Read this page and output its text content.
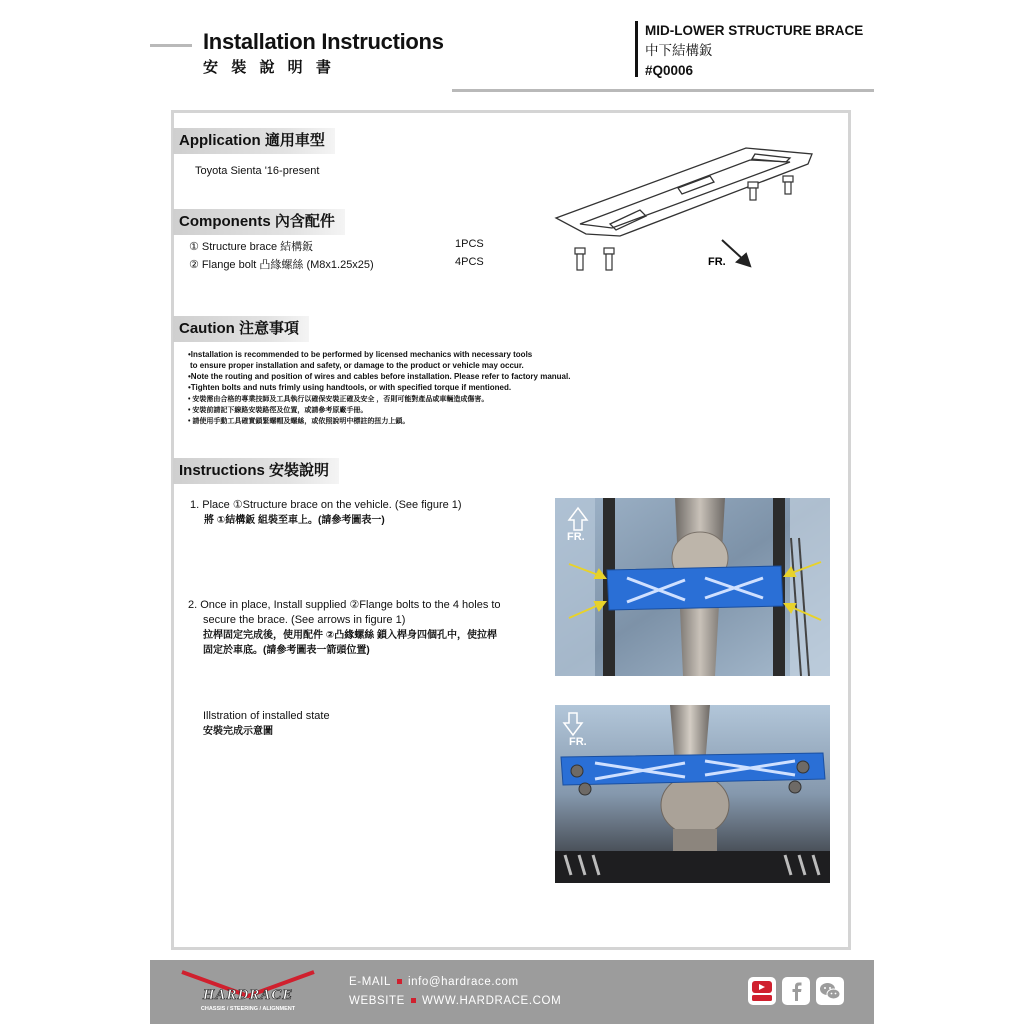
Installation Instructions
安 裝 說 明 書
MID-LOWER STRUCTURE BRACE
中下結構鈑
#Q0006
Application 適用車型
Toyota Sienta '16-present
Components 內含配件
① Structure brace 結構鈑	1PCS
② Flange bolt 凸緣螺絲 (M8x1.25x25)	4PCS	FR.
Caution 注意事項
•Installation is recommended to be performed by licensed mechanics with necessary tools
to ensure proper installation and safety, or damage to the product or vehicle may occur.
•Note the routing and position of wires and cables before installation. Please refer to factory manual.
•Tighten bolts and nuts frimly using handtools, or with specified torque if mentioned.
• 安裝需由合格的專業技師及工具執行以確保安裝正確及安全 ，否則可能對產品或車輛造成傷害。
• 安裝前請記下線路安裝路徑及位置，或請參考原廠手冊。
• 請使用手動工具確實鎖緊螺帽及螺絲，或依照說明中標註的扭力上鎖。
Instructions 安裝說明
1. Place ①Structure brace on the vehicle. (See figure 1)
將 ①結構鈑 組裝至車上。(請參考圖表一)
2. Once in place, Install supplied ②Flange bolts to the 4 holes to
secure the brace. (See arrows in figure 1)
拉桿固定完成後，使用配件 ②凸緣螺絲 鎖入桿身四個孔中，使拉桿
固定於車底。(請參考圖表一箭頭位置)
Illstration of installed state
安裝完成示意圖
FR.
FR.
HARDRACE
CHASSIS / STEERING / ALIGNMENT
E-MAIL info@hardrace.com
WEBSITE WWW.HARDRACE.COM
